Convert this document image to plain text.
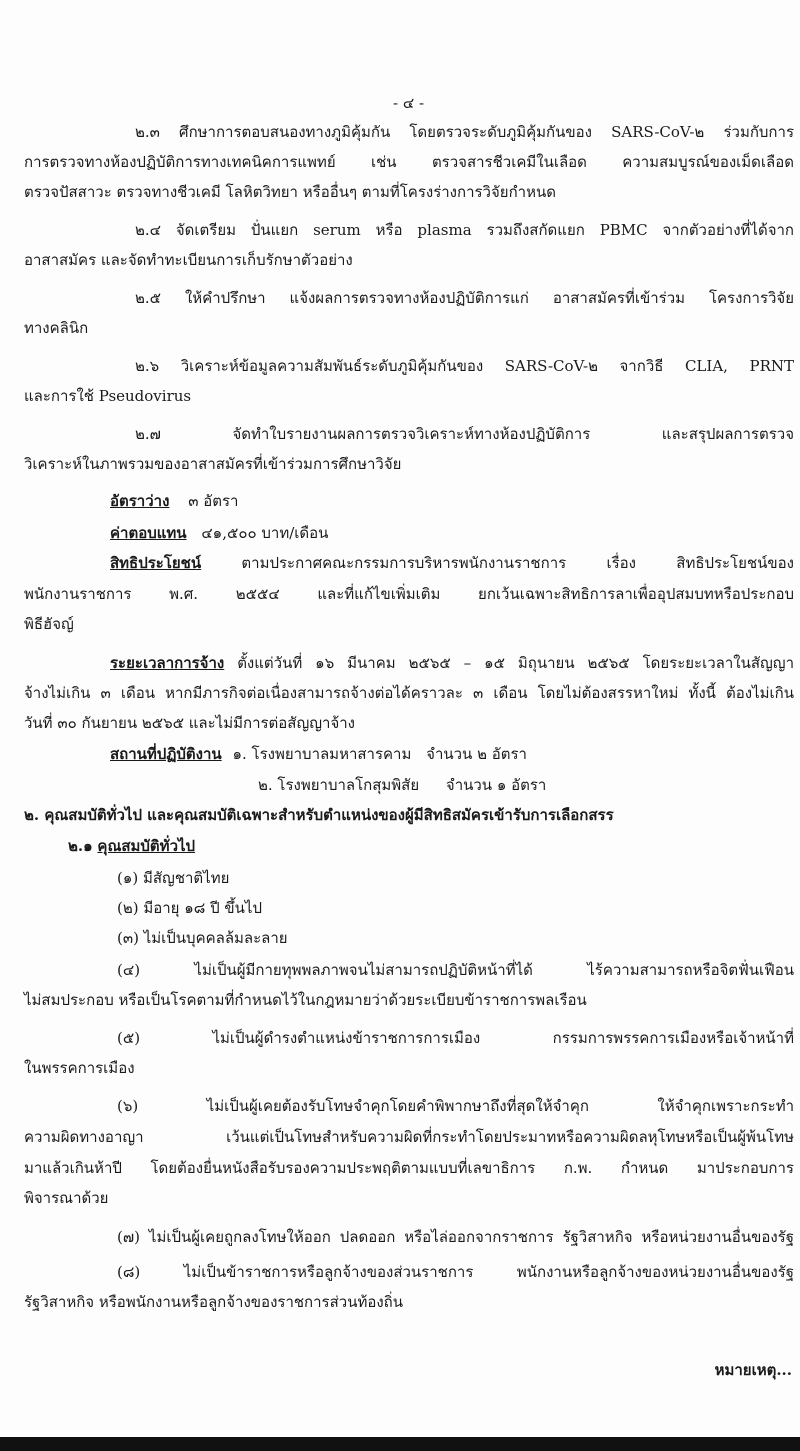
- ๔ -
๒.๓ ศึกษาการตอบสนองทางภูมิคุ้มกัน โดยตรวจระดับภูมิคุ้มกันของ SARS-CoV-๒ ร่วมกับการ
การตรวจทางห้องปฏิบัติการทางเทคนิคการแพทย์ เช่น ตรวจสารชีวเคมีในเลือด ความสมบูรณ์ของเม็ดเลือด
ตรวจปัสสาวะ ตรวจทางชีวเคมี โลหิตวิทยา หรืออื่นๆ ตามที่โครงร่างการวิจัยกำหนด
๒.๔ จัดเตรียม ปั่นแยก serum หรือ plasma รวมถึงสกัดแยก PBMC จากตัวอย่างที่ได้จาก
อาสาสมัคร และจัดทำทะเบียนการเก็บรักษาตัวอย่าง
๒.๕ ให้คำปรึกษา แจ้งผลการตรวจทางห้องปฏิบัติการแก่ อาสาสมัครที่เข้าร่วม โครงการวิจัย
ทางคลินิก
๒.๖ วิเคราะห์ข้อมูลความสัมพันธ์ระดับภูมิคุ้มกันของ SARS-CoV-๒ จากวิธี CLIA, PRNT
และการใช้ Pseudovirus
๒.๗ จัดทำใบรายงานผลการตรวจวิเคราะห์ทางห้องปฏิบัติการ และสรุปผลการตรวจ
วิเคราะห์ในภาพรวมของอาสาสมัครที่เข้าร่วมการศึกษาวิจัย
อัตราว่าง ๓ อัตรา
ค่าตอบแทน ๔๑,๕๐๐ บาท/เดือน
สิทธิประโยชน์	ตามประกาศคณะกรรมการบริหารพนักงานราชการ เรื่อง สิทธิประโยชน์ของ
พนักงานราชการ พ.ศ. ๒๕๕๔ และที่แก้ไขเพิ่มเติม ยกเว้นเฉพาะสิทธิการลาเพื่ออุปสมบทหรือประกอบ
พิธีฮัจญ์
ระยะเวลาการจ้าง ตั้งแต่วันที่ ๑๖ มีนาคม ๒๕๖๕ – ๑๕ มิถุนายน ๒๕๖๕ โดยระยะเวลาในสัญญา
จ้างไม่เกิน ๓ เดือน หากมีภารกิจต่อเนื่องสามารถจ้างต่อได้คราวละ ๓ เดือน โดยไม่ต้องสรรหาใหม่ ทั้งนี้ ต้องไม่เกิน
วันที่ ๓๐ กันยายน ๒๕๖๕ และไม่มีการต่อสัญญาจ้าง
สถานที่ปฏิบัติงาน ๑. โรงพยาบาลมหาสารคาม จำนวน ๒ อัตรา
๒. โรงพยาบาลโกสุมพิสัย จำนวน ๑ อัตรา
๒. คุณสมบัติทั่วไป และคุณสมบัติเฉพาะสำหรับตำแหน่งของผู้มีสิทธิสมัครเข้ารับการเลือกสรร
๒.๑ คุณสมบัติทั่วไป
(๑) มีสัญชาติไทย
(๒) มีอายุ ๑๘ ปี ขึ้นไป
(๓) ไม่เป็นบุคคลล้มละลาย
(๔) ไม่เป็นผู้มีกายทุพพลภาพจนไม่สามารถปฏิบัติหน้าที่ได้ ไร้ความสามารถหรือจิตฟั่นเฟือน
ไม่สมประกอบ หรือเป็นโรคตามที่กำหนดไว้ในกฎหมายว่าด้วยระเบียบข้าราชการพลเรือน
(๕) ไม่เป็นผู้ดำรงตำแหน่งข้าราชการการเมือง กรรมการพรรคการเมืองหรือเจ้าหน้าที่
ในพรรคการเมือง
(๖) ไม่เป็นผู้เคยต้องรับโทษจำคุกโดยคำพิพากษาถึงที่สุดให้จำคุก ให้จำคุกเพราะกระทำ
ความผิดทางอาญา เว้นแต่เป็นโทษสำหรับความผิดที่กระทำโดยประมาทหรือความผิดลหุโทษหรือเป็นผู้พ้นโทษ
มาแล้วเกินห้าปี โดยต้องยื่นหนังสือรับรองความประพฤติตามแบบที่เลขาธิการ ก.พ. กำหนด มาประกอบการ
พิจารณาด้วย
(๗) ไม่เป็นผู้เคยถูกลงโทษให้ออก ปลดออก หรือไล่ออกจากราชการ รัฐวิสาหกิจ หรือหน่วยงานอื่นของรัฐ
(๘) ไม่เป็นข้าราชการหรือลูกจ้างของส่วนราชการ พนักงานหรือลูกจ้างของหน่วยงานอื่นของรัฐ
รัฐวิสาหกิจ หรือพนักงานหรือลูกจ้างของราชการส่วนท้องถิ่น
หมายเหตุ...
